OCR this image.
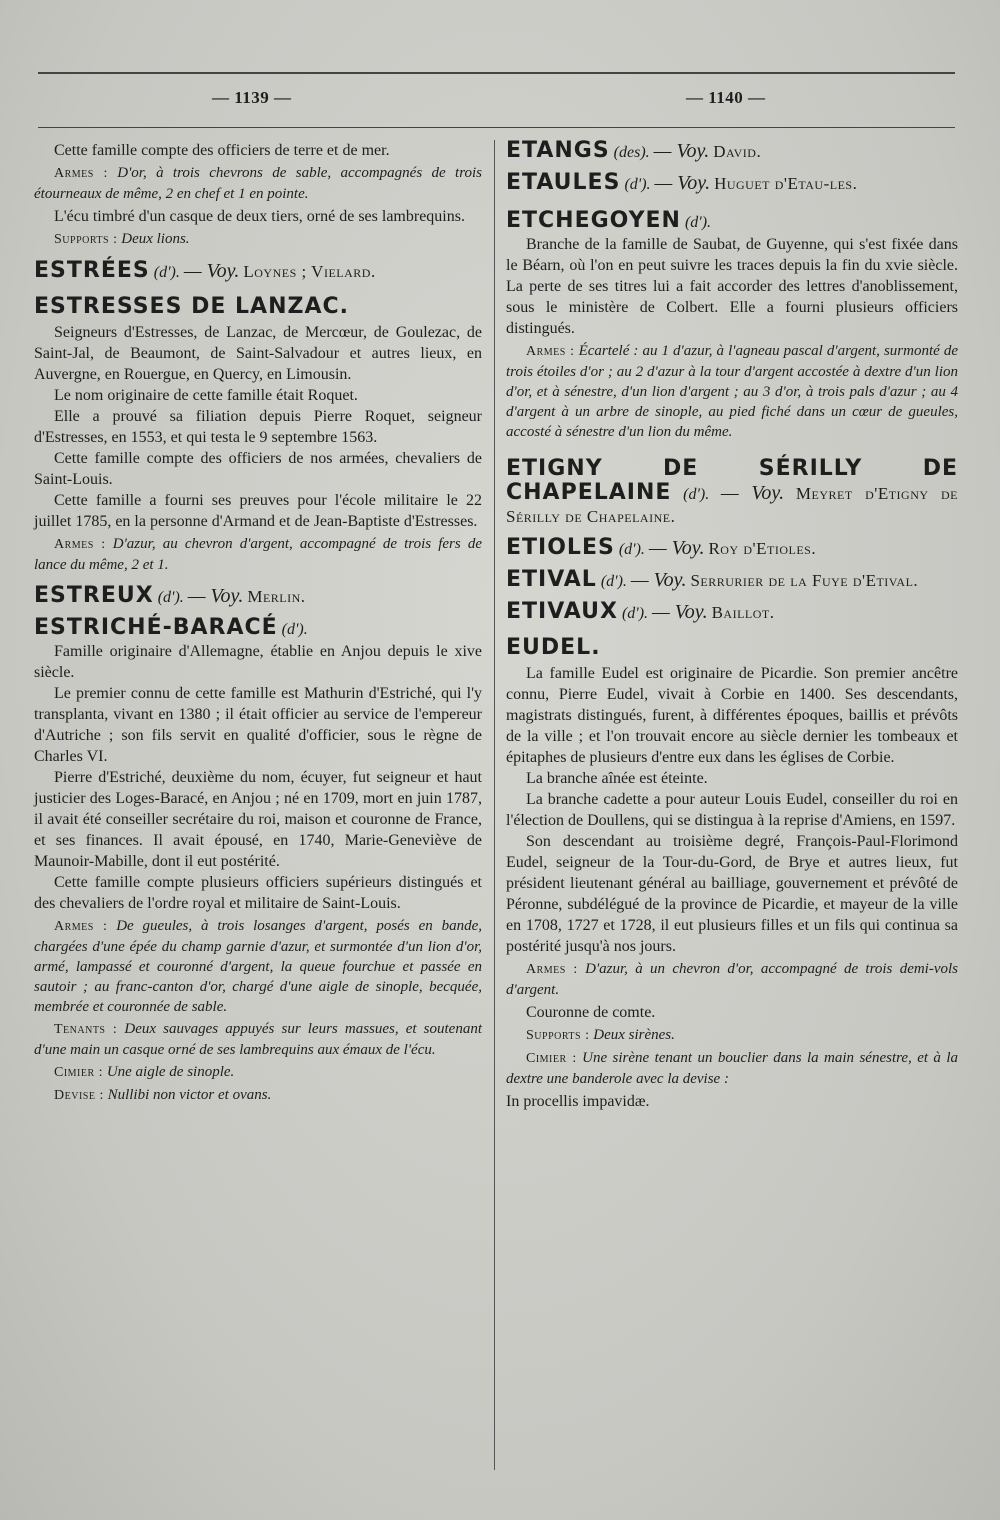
— 1139 —	— 1140 —

Cette famille compte des officiers de terre et de mer.

Armes : D'or, à trois chevrons de sable, accompagnés de trois étourneaux de même, 2 en chef et 1 en pointe.

L'écu timbré d'un casque de deux tiers, orné de ses lambrequins.

Supports : Deux lions.

ESTRÉES (d'). — Voy. Loynes ; Vielard.

ESTRESSES DE LANZAC.

Seigneurs d'Estresses, de Lanzac, de Mercœur, de Goulezac, de Saint-Jal, de Beaumont, de Saint-Salvadour et autres lieux, en Auvergne, en Rouergue, en Quercy, en Limousin.

Le nom originaire de cette famille était Roquet.

Elle a prouvé sa filiation depuis Pierre Roquet, seigneur d'Estresses, en 1553, et qui testa le 9 septembre 1563.

Cette famille compte des officiers de nos armées, chevaliers de Saint-Louis.

Cette famille a fourni ses preuves pour l'école militaire le 22 juillet 1785, en la personne d'Armand et de Jean-Baptiste d'Estresses.

Armes : D'azur, au chevron d'argent, accompagné de trois fers de lance du même, 2 et 1.

ESTREUX (d'). — Voy. Merlin.

ESTRICHÉ-BARACÉ (d').

Famille originaire d'Allemagne, établie en Anjou depuis le xive siècle.

Le premier connu de cette famille est Mathurin d'Estriché, qui l'y transplanta, vivant en 1380 ; il était officier au service de l'empereur d'Autriche ; son fils servit en qualité d'officier, sous le règne de Charles VI.

Pierre d'Estriché, deuxième du nom, écuyer, fut seigneur et haut justicier des Loges-Baracé, en Anjou ; né en 1709, mort en juin 1787, il avait été conseiller secrétaire du roi, maison et couronne de France, et ses finances. Il avait épousé, en 1740, Marie-Geneviève de Maunoir-Mabille, dont il eut postérité.

Cette famille compte plusieurs officiers supérieurs distingués et des chevaliers de l'ordre royal et militaire de Saint-Louis.

Armes : De gueules, à trois losanges d'argent, posés en bande, chargées d'une épée du champ garnie d'azur, et surmontée d'un lion d'or, armé, lampassé et couronné d'argent, la queue fourchue et passée en sautoir ; au franc-canton d'or, chargé d'une aigle de sinople, becquée, membrée et couronnée de sable.

Tenants : Deux sauvages appuyés sur leurs massues, et soutenant d'une main un casque orné de ses lambrequins aux émaux de l'écu.

Cimier : Une aigle de sinople.

Devise : Nullibi non victor et ovans.

ETANGS (des). — Voy. David.

ETAULES (d'). — Voy. Huguet d'Etau-les.

ETCHEGOYEN (d').

Branche de la famille de Saubat, de Guyenne, qui s'est fixée dans le Béarn, où l'on en peut suivre les traces depuis la fin du xvie siècle. La perte de ses titres lui a fait accorder des lettres d'anoblissement, sous le ministère de Colbert. Elle a fourni plusieurs officiers distingués.

Armes : Écartelé : au 1 d'azur, à l'agneau pascal d'argent, surmonté de trois étoiles d'or ; au 2 d'azur à la tour d'argent accostée à dextre d'un lion d'or, et à sénestre, d'un lion d'argent ; au 3 d'or, à trois pals d'azur ; au 4 d'argent à un arbre de sinople, au pied fiché dans un cœur de gueules, accosté à sénestre d'un lion du même.

ETIGNY DE SÉRILLY DE CHAPELAINE (d'). — Voy. Meyret d'Etigny de Sérilly de Chapelaine.

ETIOLES (d'). — Voy. Roy d'Etioles.

ETIVAL (d'). — Voy. Serrurier de la Fuye d'Etival.

ETIVAUX (d'). — Voy. Baillot.

EUDEL.

La famille Eudel est originaire de Picardie. Son premier ancêtre connu, Pierre Eudel, vivait à Corbie en 1400. Ses descendants, magistrats distingués, furent, à différentes époques, baillis et prévôts de la ville ; et l'on trouvait encore au siècle dernier les tombeaux et épitaphes de plusieurs d'entre eux dans les églises de Corbie.

La branche aînée est éteinte.

La branche cadette a pour auteur Louis Eudel, conseiller du roi en l'élection de Doullens, qui se distingua à la reprise d'Amiens, en 1597.

Son descendant au troisième degré, François-Paul-Florimond Eudel, seigneur de la Tour-du-Gord, de Brye et autres lieux, fut président lieutenant général au bailliage, gouvernement et prévôté de Péronne, subdélégué de la province de Picardie, et mayeur de la ville en 1708, 1727 et 1728, il eut plusieurs filles et un fils qui continua sa postérité jusqu'à nos jours.

Armes : D'azur, à un chevron d'or, accompagné de trois demi-vols d'argent.

Couronne de comte.

Supports : Deux sirènes.

Cimier : Une sirène tenant un bouclier dans la main sénestre, et à la dextre une banderole avec la devise :

In procellis impavidæ.
